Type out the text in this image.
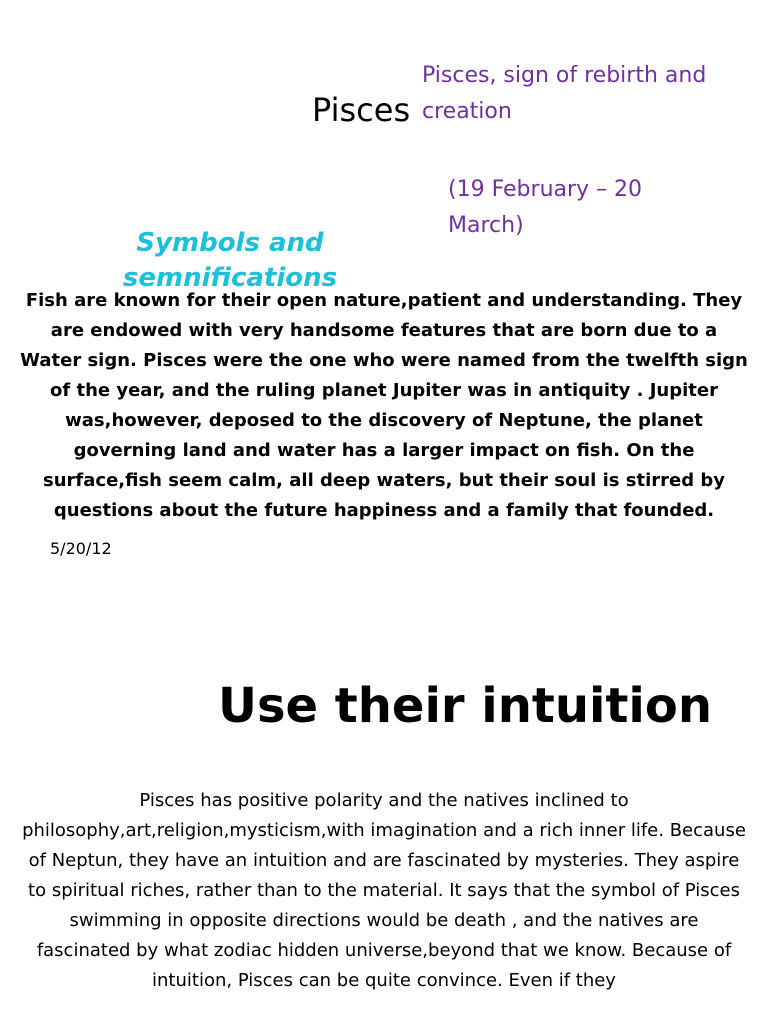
Pisces
Pisces, sign of rebirth and creation
(19 February – 20 March)
Symbols and semnifications
Fish are known for their open nature,patient and understanding. They are endowed with very handsome features that are born due to a Water sign. Pisces were the one who were named from the twelfth sign of the year, and the ruling planet Jupiter was in antiquity . Jupiter was,however, deposed to the discovery of Neptune, the planet governing land and water has a larger impact on fish. On the surface,fish seem calm, all deep waters, but their soul is stirred by questions about the future happiness and a family that founded.
5/20/12
Use their intuition
Pisces has positive polarity and the natives inclined to philosophy,art,religion,mysticism,with imagination and a rich inner life. Because of Neptun, they have an intuition and are fascinated by mysteries. They aspire to spiritual riches, rather than to the material. It says that the symbol of Pisces swimming in opposite directions would be death , and the natives are fascinated by what zodiac hidden universe,beyond that we know. Because of intuition, Pisces can be quite convince. Even if they
